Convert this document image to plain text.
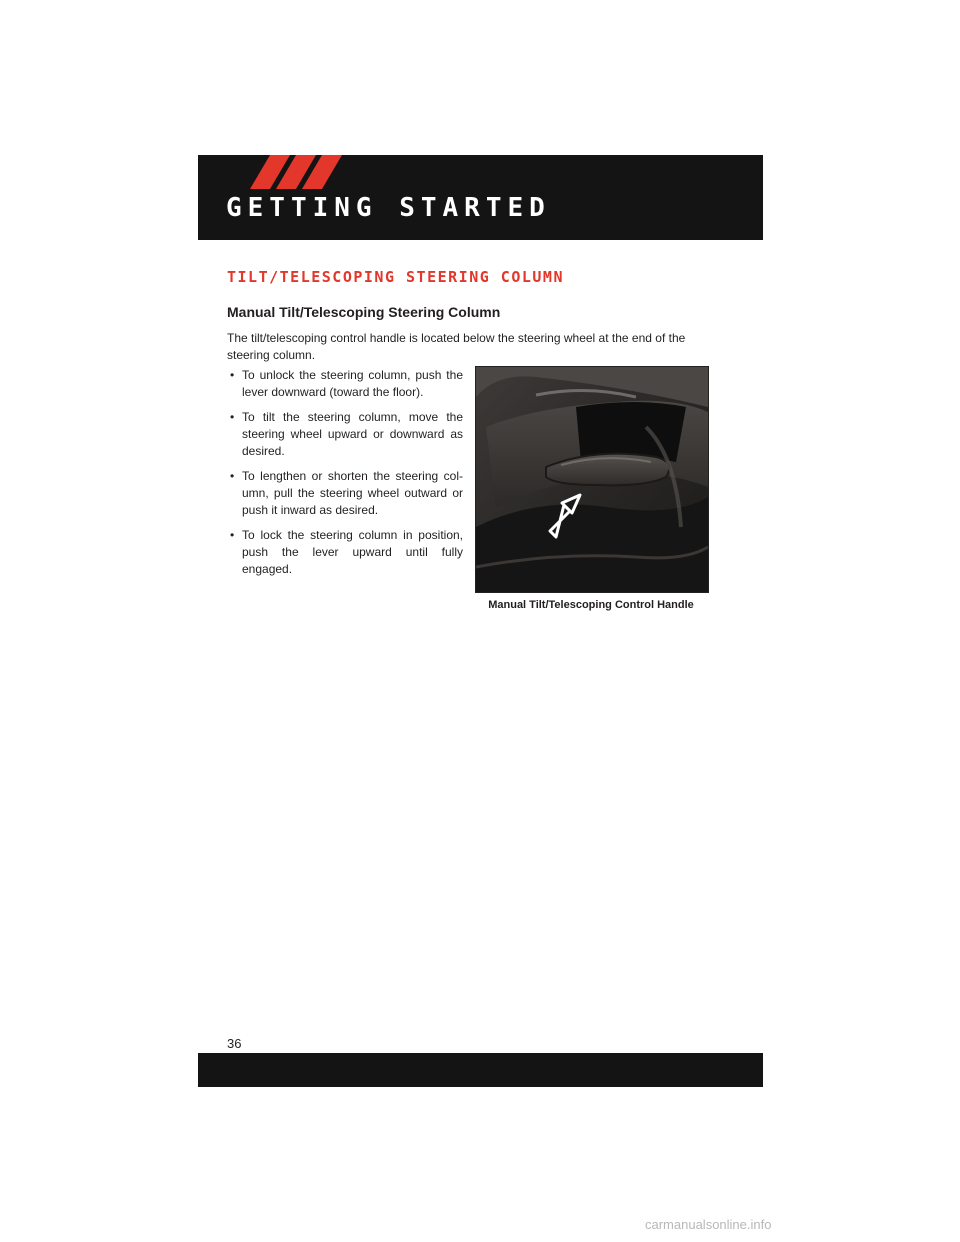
GETTING STARTED
TILT/TELESCOPING STEERING COLUMN
Manual Tilt/Telescoping Steering Column

The tilt/telescoping control handle is located below the steering wheel at the end of the steering column.

• To unlock the steering column, push the lever downward (toward the floor).
• To tilt the steering column, move the steering wheel upward or downward as desired.
• To lengthen or shorten the steering col-umn, pull the steering wheel outward or push it inward as desired.
• To lock the steering column in position, push the lever upward until fully engaged.

Manual Tilt/Telescoping Control Handle

36

carmanualsonline.info
